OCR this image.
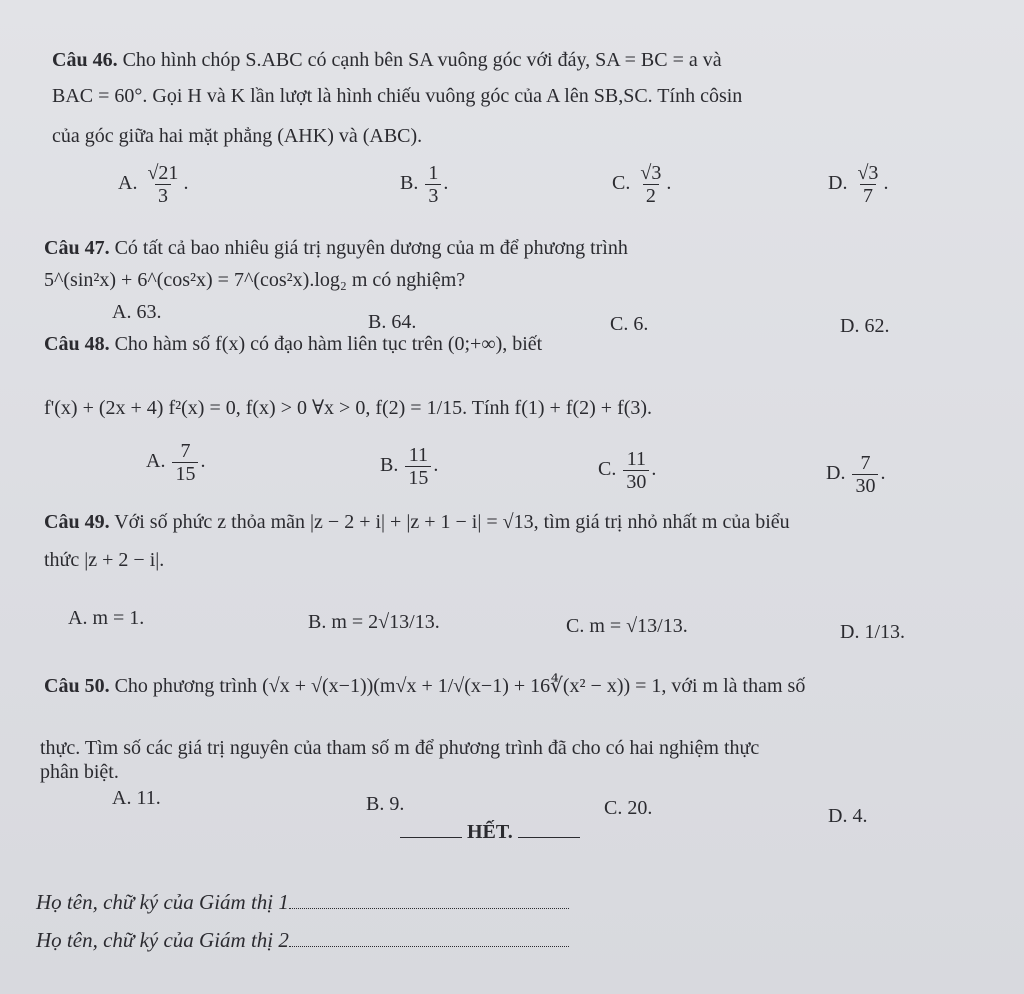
Câu 46. Cho hình chóp S.ABC có cạnh bên SA vuông góc với đáy, SA = BC = a và
BAC = 60°. Gọi H và K lần lượt là hình chiếu vuông góc của A lên SB,SC. Tính côsin
của góc giữa hai mặt phẳng (AHK) và (ABC).
A. $\frac{√21}{3}$ .	B. $\frac{1}{3}$ .	C. $\frac{√3}{2}$ .	D. $\frac{√3}{7}$ .
Câu 47. Có tất cả bao nhiêu giá trị nguyên dương của m để phương trình
5^(sin²x) + 6^(cos²x) = 7^(cos²x).log₂ m có nghiệm?
A. 63.	B. 64.	C. 6.	D. 62.
Câu 48. Cho hàm số f(x) có đạo hàm liên tục trên (0;+∞), biết
f'(x) + (2x + 4) f²(x) = 0, f(x) > 0 ∀x > 0, f(2) = 1/15. Tính f(1) + f(2) + f(3).
A. $\frac{7}{15}$ .	B. $\frac{11}{15}$ .	C. $\frac{11}{30}$ .	D. $\frac{7}{30}$ .
Câu 49. Với số phức z thỏa mãn |z − 2 + i| + |z + 1 − i| = √13, tìm giá trị nhỏ nhất m của biểu
thức |z + 2 − i|.
A. m = 1.	B. m = 2√13/13.	C. m = √13/13.	D. 1/13.
Câu 50. Cho phương trình (√x + √(x−1))(m√x + 1/√(x−1) + 16∜(x² − x)) = 1, với m là tham số
thực. Tìm số các giá trị nguyên của tham số m để phương trình đã cho có hai nghiệm thực
phân biệt.
A. 11.	B. 9.	C. 20.	D. 4.
HẾT.
Họ tên, chữ ký của Giám thị 1
Họ tên, chữ ký của Giám thị 2
